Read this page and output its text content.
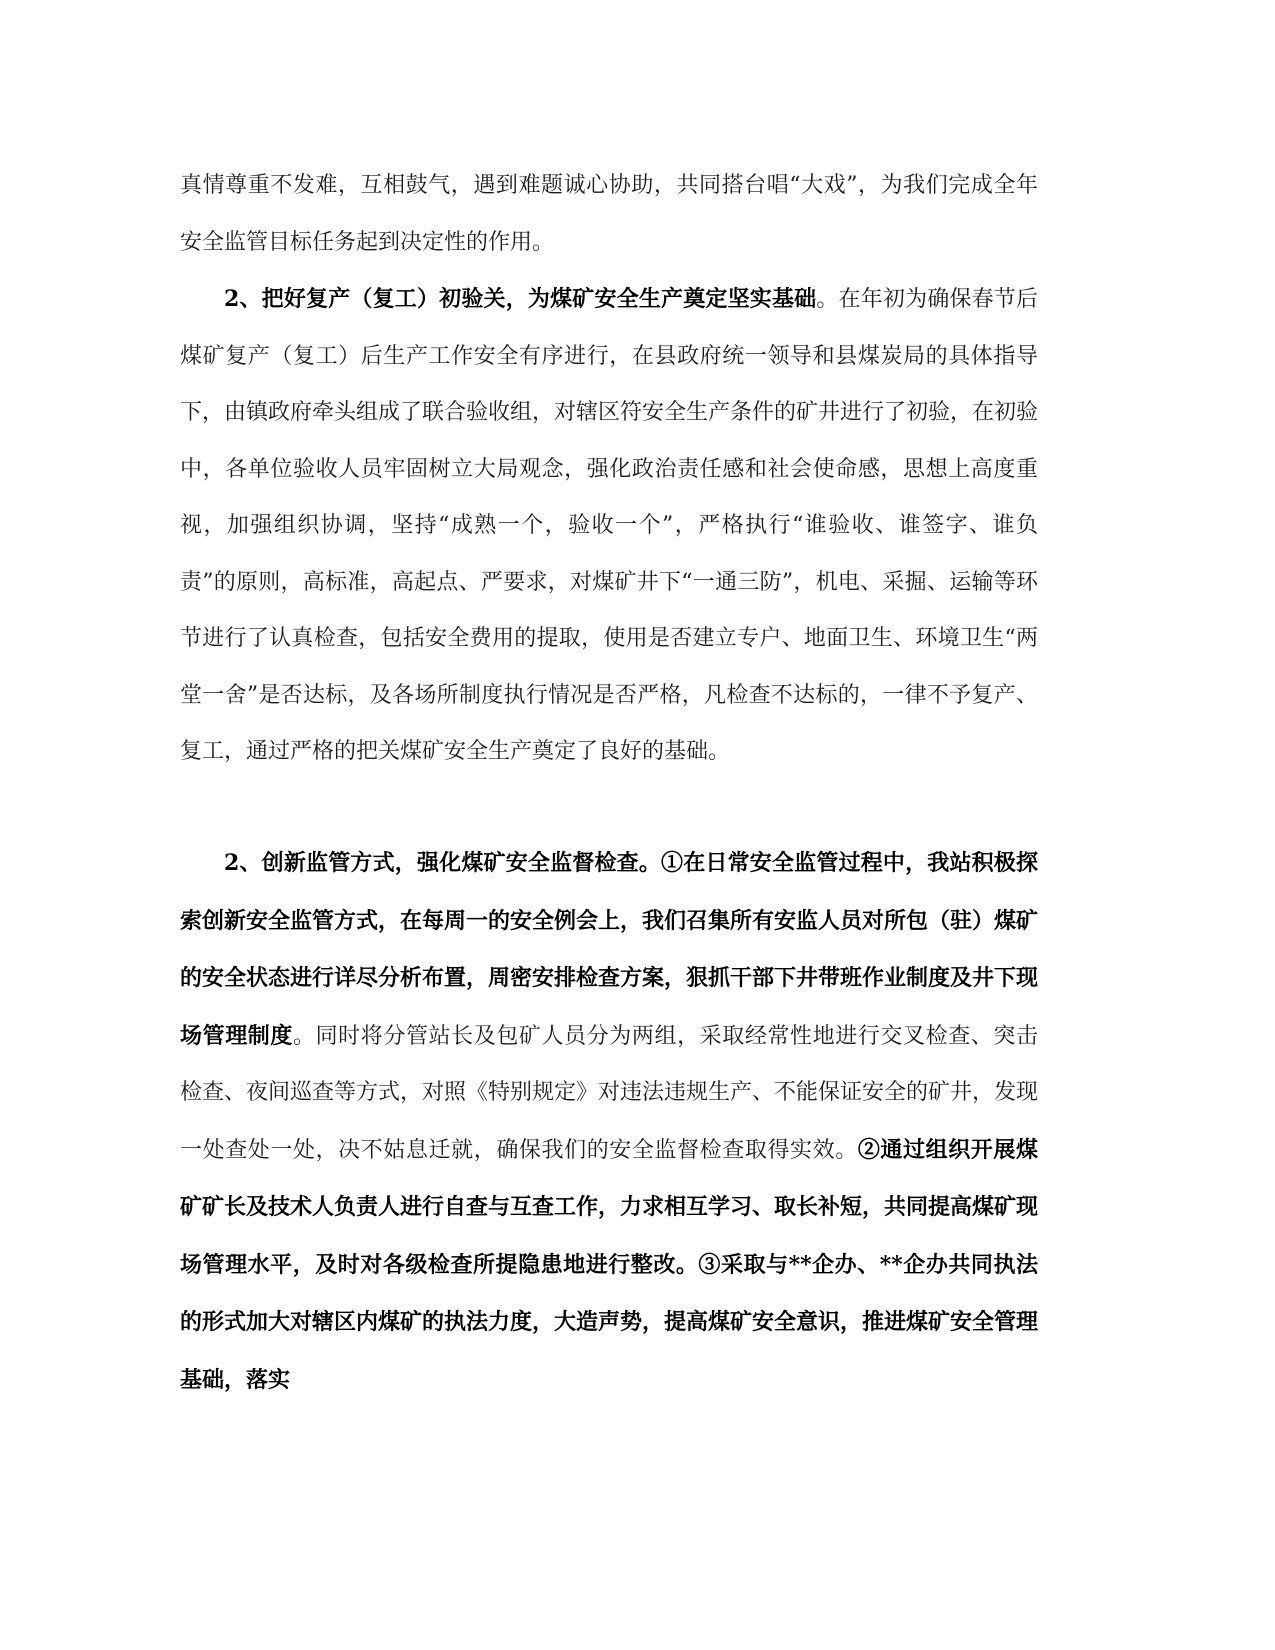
真情尊重不发难，互相鼓气，遇到难题诚心协助，共同搭台唱“大戏”，为我们完成全年安全监管目标任务起到决定性的作用。

2、把好复产（复工）初验关，为煤矿安全生产奠定坚实基础。在年初为确保春节后煤矿复产（复工）后生产工作安全有序进行，在县政府统一领导和县煤炭局的具体指导下，由镇政府牵头组成了联合验收组，对辖区符安全生产条件的矿井进行了初验，在初验中，各单位验收人员牢固树立大局观念，强化政治责任感和社会使命感，思想上高度重视，加强组织协调，坚持“成熟一个，验收一个”，严格执行“谁验收、谁签字、谁负责”的原则，高标准，高起点、严要求，对煤矿井下“一通三防”，机电、采掘、运输等环节进行了认真检查，包括安全费用的提取，使用是否建立专户、地面卫生、环境卫生“两堂一舍”是否达标，及各场所制度执行情况是否严格，凡检查不达标的，一律不予复产、复工，通过严格的把关煤矿安全生产奠定了良好的基础。

2、创新监管方式，强化煤矿安全监督检查。①在日常安全监管过程中，我站积极探索创新安全监管方式，在每周一的安全例会上，我们召集所有安监人员对所包（驻）煤矿的安全状态进行详尽分析布置，周密安排检查方案，狠抓干部下井带班作业制度及井下现场管理制度。同时将分管站长及包矿人员分为两组，采取经常性地进行交叉检查、突击检查、夜间巡查等方式，对照《特别规定》对违法违规生产、不能保证安全的矿井，发现一处查处一处，决不姑息迁就，确保我们的安全监督检查取得实效。②通过组织开展煤矿矿长及技术人负责人进行自查与互查工作，力求相互学习、取长补短，共同提高煤矿现场管理水平，及时对各级检查所提隐患地进行整改。③采取与**企办、**企办共同执法的形式加大对辖区内煤矿的执法力度，大造声势，提高煤矿安全意识，推进煤矿安全管理基础，落实
